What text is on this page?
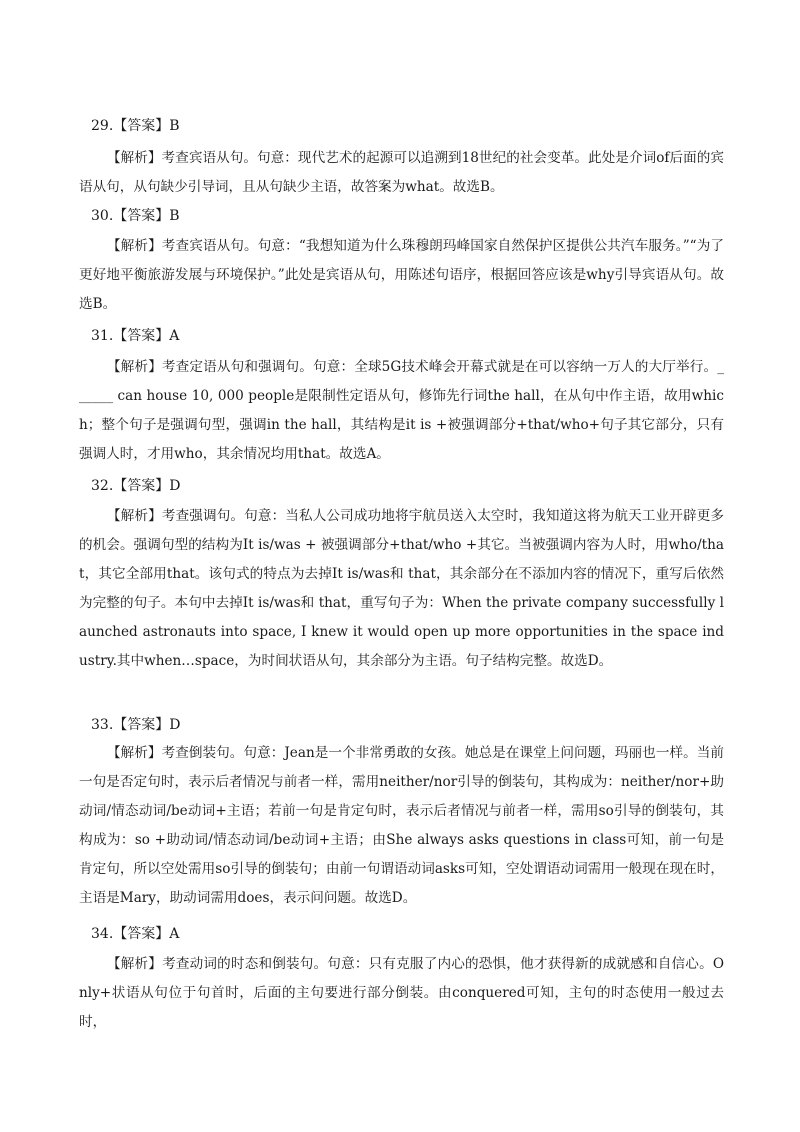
29.【答案】B
【解析】考查宾语从句。句意：现代艺术的起源可以追溯到18世纪的社会变革。此处是介词of后面的宾语从句，从句缺少引导词，且从句缺少主语，故答案为what。故选B。
30.【答案】B
【解析】考查宾语从句。句意：“我想知道为什么珠穆朗玛峰国家自然保护区提供公共汽车服务。”“为了更好地平衡旅游发展与环境保护。”此处是宾语从句，用陈述句语序，根据回答应该是why引导宾语从句。故选B。
31.【答案】A
【解析】考查定语从句和强调句。句意：全球5G技术峰会开幕式就是在可以容纳一万人的大厅举行。______ can house 10, 000 people是限制性定语从句，修饰先行词the hall，在从句中作主语，故用which；整个句子是强调句型，强调in the hall，其结构是it is +被强调部分+that/who+句子其它部分，只有强调人时，才用who，其余情况均用that。故选A。
32.【答案】D
【解析】考查强调句。句意：当私人公司成功地将宇航员送入太空时，我知道这将为航天工业开辟更多的机会。强调句型的结构为It is/was + 被强调部分+that/who +其它。当被强调内容为人时，用who/that，其它全部用that。该句式的特点为去掉It is/was和 that，其余部分在不添加内容的情况下，重写后依然为完整的句子。本句中去掉It is/was和 that，重写句子为：When the private company successfully launched astronauts into space, I knew it would open up more opportunities in the space industry.其中when…space，为时间状语从句，其余部分为主语。句子结构完整。故选D。
33.【答案】D
【解析】考查倒装句。句意：Jean是一个非常勇敢的女孩。她总是在课堂上问问题，玛丽也一样。当前一句是否定句时，表示后者情况与前者一样，需用neither/nor引导的倒装句，其构成为：neither/nor+助动词/情态动词/be动词+主语；若前一句是肯定句时，表示后者情况与前者一样，需用so引导的倒装句，其构成为：so +助动词/情态动词/be动词+主语；由She always asks questions in class可知，前一句是肯定句，所以空处需用so引导的倒装句；由前一句谓语动词asks可知，空处谓语动词需用一般现在现在时，主语是Mary，助动词需用does，表示问问题。故选D。
34.【答案】A
【解析】考查动词的时态和倒装句。句意：只有克服了内心的恐惧，他才获得新的成就感和自信心。Only+状语从句位于句首时，后面的主句要进行部分倒装。由conquered可知，主句的时态使用一般过去时，
